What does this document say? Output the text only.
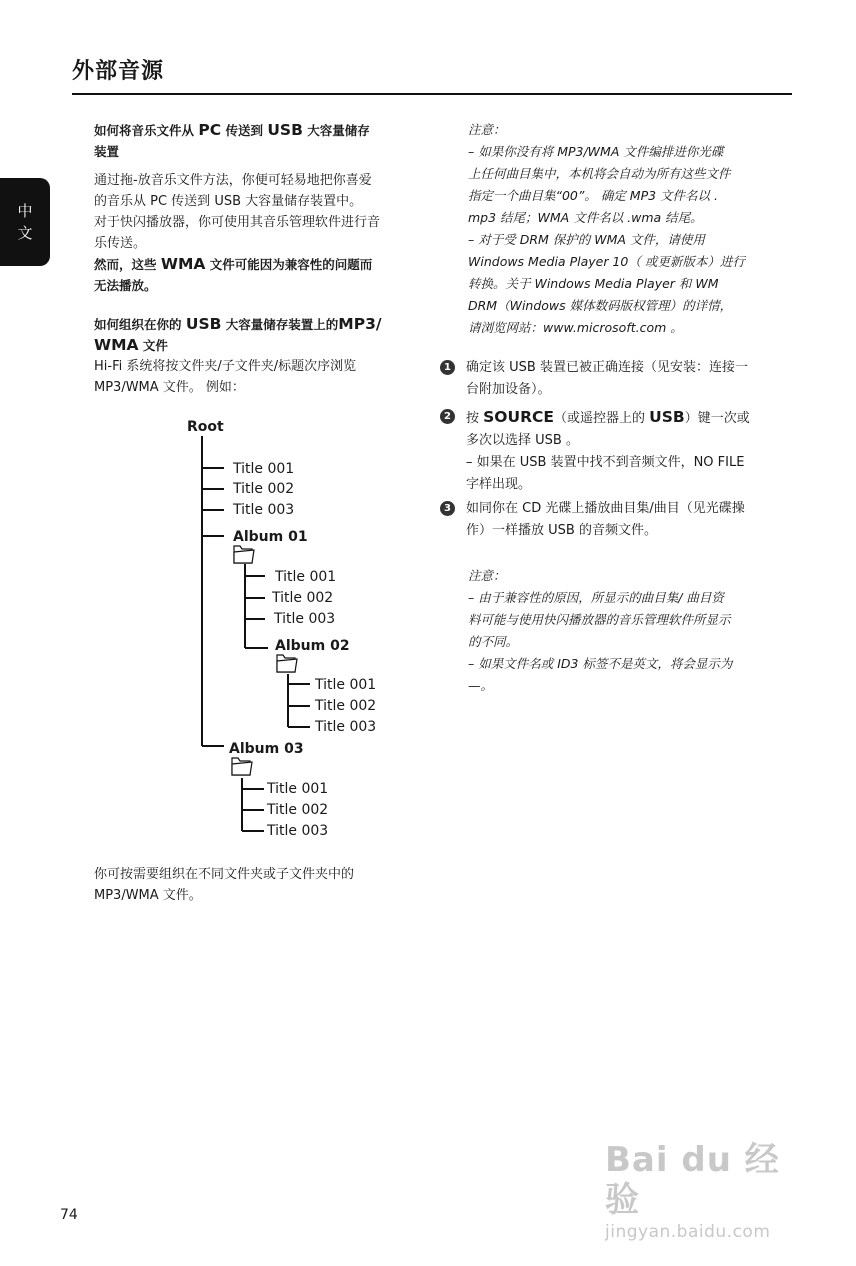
外部音源
中
文
如何将音乐文件从 PC 传送到 USB 大容量储存
装置

通过拖-放音乐文件方法，你便可轻易地把你喜爱
的音乐从 PC 传送到 USB 大容量储存装置中。

对于快闪播放器，你可使用其音乐管理软件进行音
乐传送。

然而，这些 WMA 文件可能因为兼容性的问题而
无法播放。

如何组织在你的 USB 大容量储存装置上的MP3/
WMA 文件

Hi-Fi 系统将按文件夹/子文件夹/标题次序浏览
MP3/WMA 文件。 例如：

Root
Title 001
Title 002
Title 003
Album 01
Title 001
Title 002
Title 003
Album 02
Title 001
Title 002
Title 003
Album 03
Title 001
Title 002
Title 003
你可按需要组织在不同文件夹或子文件夹中的
MP3/WMA 文件。
注意：
– 如果你没有将 MP3/WMA 文件编排进你光碟
上任何曲目集中，本机将会自动为所有这些文件
指定一个曲目集“00”。 确定 MP3 文件名以 .
mp3 结尾；WMA 文件名以 .wma 结尾。
– 对于受 DRM 保护的 WMA 文件，请使用
Windows Media Player 10（ 或更新版本）进行
转换。关于 Windows Media Player 和 WM
DRM（Windows 媒体数码版权管理）的详情，
请浏览网站：www.microsoft.com 。
1	确定该 USB 装置已被正确连接（见安装：连接一
台附加设备）。
2	按 SOURCE（或遥控器上的 USB）键一次或
多次以选择 USB 。
– 如果在 USB 装置中找不到音频文件，NO FILE
字样出现。
3	如同你在 CD 光碟上播放曲目集/曲目（见光碟操
作）一样播放 USB 的音频文件。
注意：
– 由于兼容性的原因，所显示的曲目集/ 曲目资
料可能与使用快闪播放器的音乐管理软件所显示
的不同。
– 如果文件名或 ID3 标签不是英文，将会显示为
—。
74
Bai du 经验
jingyan.baidu.com
